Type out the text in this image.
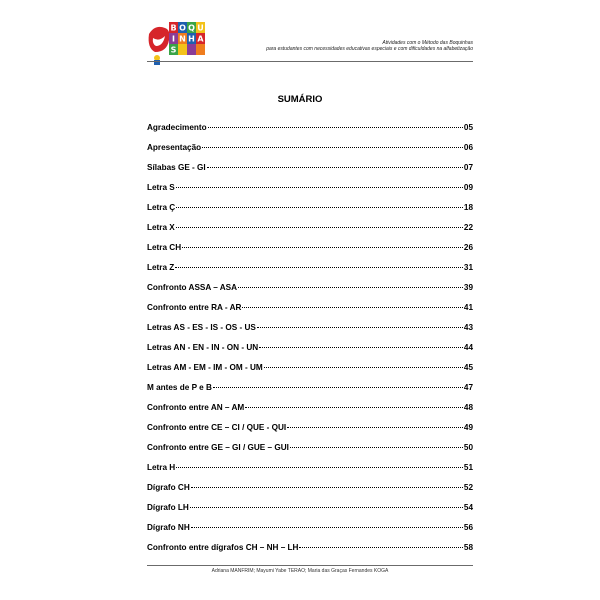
B O Q U
I N H A
S
Atividades com o Método das Boquinhas
para estudantes com necessidades educativas especiais e com dificuldades na alfabetização
SUMÁRIO
Agradecimento	05
Apresentação	06
Sílabas GE - GI	07
Letra S	09
Letra Ç	18
Letra X	22
Letra CH	26
Letra Z	31
Confronto ASSA – ASA	39
Confronto entre RA - AR	41
Letras AS - ES - IS - OS - US	43
Letras AN - EN - IN - ON - UN	44
Letras AM - EM - IM - OM - UM	45
M antes de P e B	47
Confronto entre AN – AM	48
Confronto entre CE – CI / QUE - QUI	49
Confronto entre GE – GI / GUE – GUI	50
Letra H	51
Dígrafo CH	52
Dígrafo LH	54
Dígrafo NH	56
Confronto entre dígrafos CH – NH – LH	58
Adriana MANFRIM; Mayumi Yabe TERAO; Maria das Graças Fernandes KOGA
